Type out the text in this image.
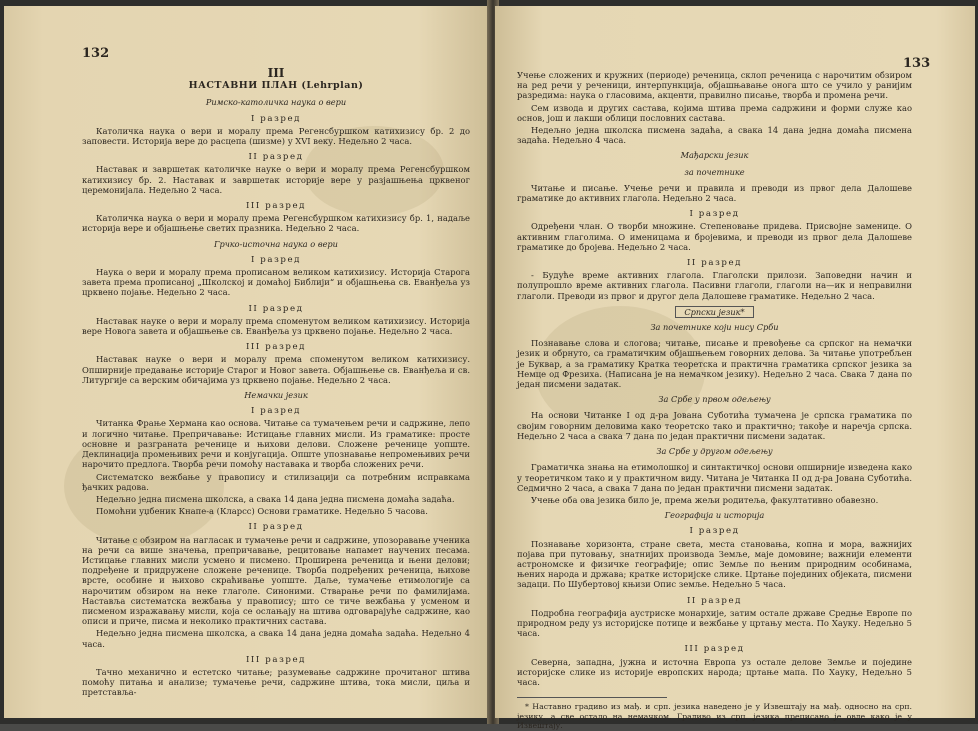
132
III
НАСТАВНИ ПЛАН (Lehrplan)
Римско-католичка наука о вери
I разред
Католичка наука о вери и моралу према Регенсбуршком катихизису бр. 2 до заповести. Историја вере до расцепа (шизме) у XVI веку. Недељно 2 часа.
II разред
Наставак и завршетак католичке науке о вери и моралу према Регенсбуршком катихизису бр. 2. Наставак и завршетак историје вере у разјашњења црквеног церемонијала. Недељно 2 часа.
III разред
Католичка наука о вери и моралу према Регенсбуршком катихизису бр. 1, надаље историја вере и објашњење светих празника. Недељно 2 часа.
Грчко-источна наука о вери
I разред
Наука о вери и моралу према прописаном великом катихизису. Историја Старога завета према прописаној „Школској и домаћој Библији“ и објашњења св. Еванђеља уз црквено појање. Недељно 2 часа.
II разред
Наставак науке о вери и моралу према споменутом великом катихизису. Историја вере Новога завета и објашњење св. Еванђеља уз црквено појање. Недељно 2 часа.
III разред
Наставак науке о вери и моралу према споменутом великом катихизису. Опширније предавање историје Старог и Новог завета. Објашњење св. Еванђеља и св. Литургије са верским обичајима уз црквено појање. Недељно 2 часа.
Немачки језик
I разред
Читанка Фрање Хермана као основа. Читање са тумачењем речи и садржине, лепо и логично читање. Препричавање: Истицање главних мисли. Из граматике: просте основне и разграната реченице и њихови делови. Сложене реченице уопште. Деклинација промењивих речи и конјугација. Опште упознавање непромењивих речи нарочито предлога. Творба речи помоћу наставака и творба сложених речи.
Систематско вежбање у правопису и стилизацији са потребним исправкама ђачких радова.
Недељно једна писмена школска, а свака 14 дана једна писмена домаћа задаћа.
Помоћни уџбеник Кнапе-а (Кларсс) Основи граматике. Недељно 5 часова.
II разред
Читање с обзиром на нагласак и тумачење речи и садржине, упозоравање ученика на речи са више значења, препричавање, рецитовање напамет научених песама. Истицање главних мисли усмено и писмено. Проширена реченица и њени делови; подређене и придружене сложене реченице. Творба подређених реченица, њихове врсте, особине и њихово скраћивање уопште. Даље, тумачење етимологије са нарочитим обзиром на неке глаголе. Синоними. Стварање речи по фамилијама. Наставља систематска вежбања у правопису; што се тиче вежбања у усменом и писменом изражавању мисли, која се ослањају на штива одговарајуће садржине, као описи и приче, писма и неколико практичних састава.
Недељно једна писмена школска, а свака 14 дана једна домаћа задаћа. Недељно 4 часа.
III разред
Тачно механично и естетско читање; разумевање садржине прочитаног штива помоћу питања и анализе; тумачење речи, садржине штива, тока мисли, циља и претставља-
133
Учење сложених и кружних (периоде) реченица, склоп реченица с нарочитим обзиром на ред речи у реченици, интерпункција, објашњавање онога што се учило у ранијим разредима: наука о гласовима, акценти, правилно писање, творба и промена речи.
Сем извода и других састава, којима штива према садржини и форми служе као основ, још и лакши облици пословних састава.
Недељно једна школска писмена задаћа, а свака 14 дана једна домаћа писмена задаћа. Недељно 4 часа.
Мађарски језик
за почетнике
Читање и писање. Учење речи и правила и преводи из првог дела Далошеве граматике до активних глагола. Недељно 2 часа.
I разред
Одређени члан. О творби множине. Степеновање придева. Присвојне заменице. О активним глаголима. О именицама и бројевима, и преводи из првог дела Далошеве граматике до бројева. Недељно 2 часа.
II разред
- Будуће време активних глагола. Глаголски прилози. Заповедни начин и полупрошло време активних глагола. Пасивни глаголи, глаголи на—ик и неправилни глаголи. Преводи из првог и другог дела Далошеве граматике. Недељно 2 часа.
Српски језик*
За почетнике који нису Срби
Познавање слова и слогова; читање, писање и превођење са српског на немачки језик и обрнуто, са граматичким објашњењем говорних делова. За читање употребљен је Буквар, а за граматику Кратка теоретска и практична граматика српског језика за Немце од Фрезиха. (Написана је на немачком језику). Недељно 2 часа. Свака 7 дана по један писмени задатак.
За Србе у првом одељењу
На основи Читанке I од д-ра Јована Суботића тумачена је српска граматика по својим говорним деловима како теоретско тако и практично; такође и наречја српска. Недељно 2 часа а свака 7 дана по један практични писмени задатак.
За Србе у другом одељењу
Граматичка знања на етимолошкој и синтактичкој основи опширније изведена како у теоретичком тако и у практичном виду. Читана је Читанка II од д-ра Јована Суботића. Седмично 2 часа, а свака 7 дана по један практични писмени задатак.
Учење оба ова језика било је, према жељи родитеља, факултативно обавезно.
Географија и историја
I разред
Познавање хоризонта, стране света, места становања, копна и мора, важнијих појава при путовању, знатнијих производа Земље, маје домовине; важнији елементи астрономске и физичке географије; опис Земље по њеним природним особинама, њених народа и држава; кратке историјске слике. Цртање појединих објеката, писмени задаци. По Шубертовој књизи Опис земље. Недељно 5 часа.
II разред
Подробна географија аустриске монархије, затим остале државе Средње Европе по природном реду уз историјске потице и вежбање у цртању места. По Хауку. Недељно 5 часа.
III разред
Северна, западна, јужна и источна Европа уз остале делове Земље и поједине историјске слике из историје европских народа; цртање мапа. По Хауку, Недељно 5 часа.
* Наставно градиво из мађ. и срп. језика наведено је у Извештају на мађ. односно на срп. језику, а све остало на немачком. Градиво из срп. језика преписано је овде како је у Извештају.
